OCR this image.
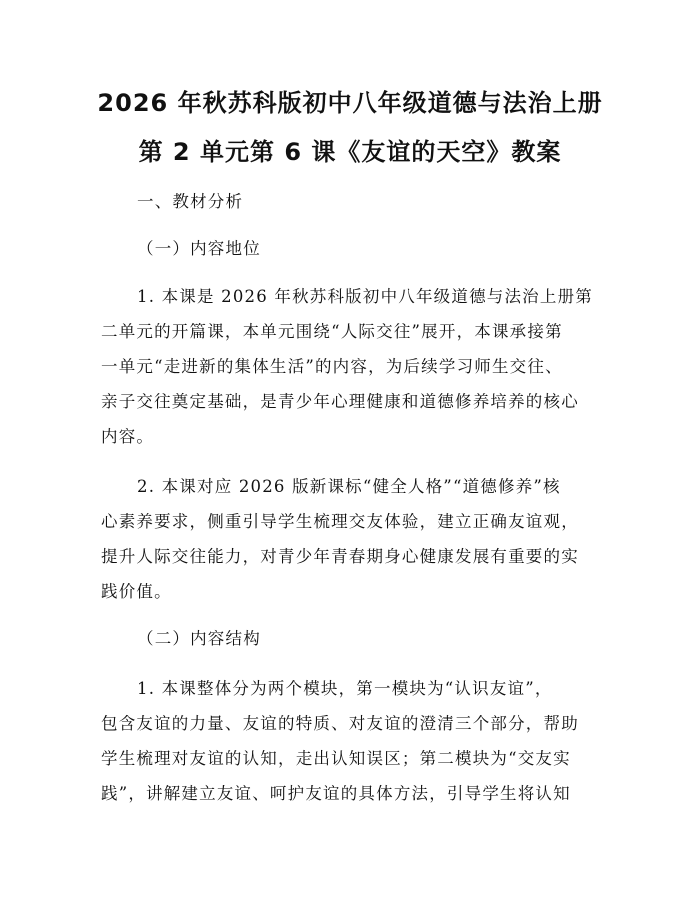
2026 年秋苏科版初中八年级道德与法治上册
第 2 单元第 6 课《友谊的天空》教案
一、教材分析
（一）内容地位
1. 本课是 2026 年秋苏科版初中八年级道德与法治上册第
二单元的开篇课，本单元围绕“人际交往”展开，本课承接第
一单元“走进新的集体生活”的内容，为后续学习师生交往、
亲子交往奠定基础，是青少年心理健康和道德修养培养的核心
内容。
2. 本课对应 2026 版新课标“健全人格”“道德修养”核
心素养要求，侧重引导学生梳理交友体验，建立正确友谊观，
提升人际交往能力，对青少年青春期身心健康发展有重要的实
践价值。
（二）内容结构
1. 本课整体分为两个模块，第一模块为“认识友谊”，
包含友谊的力量、友谊的特质、对友谊的澄清三个部分，帮助
学生梳理对友谊的认知，走出认知误区；第二模块为“交友实
践”，讲解建立友谊、呵护友谊的具体方法，引导学生将认知
